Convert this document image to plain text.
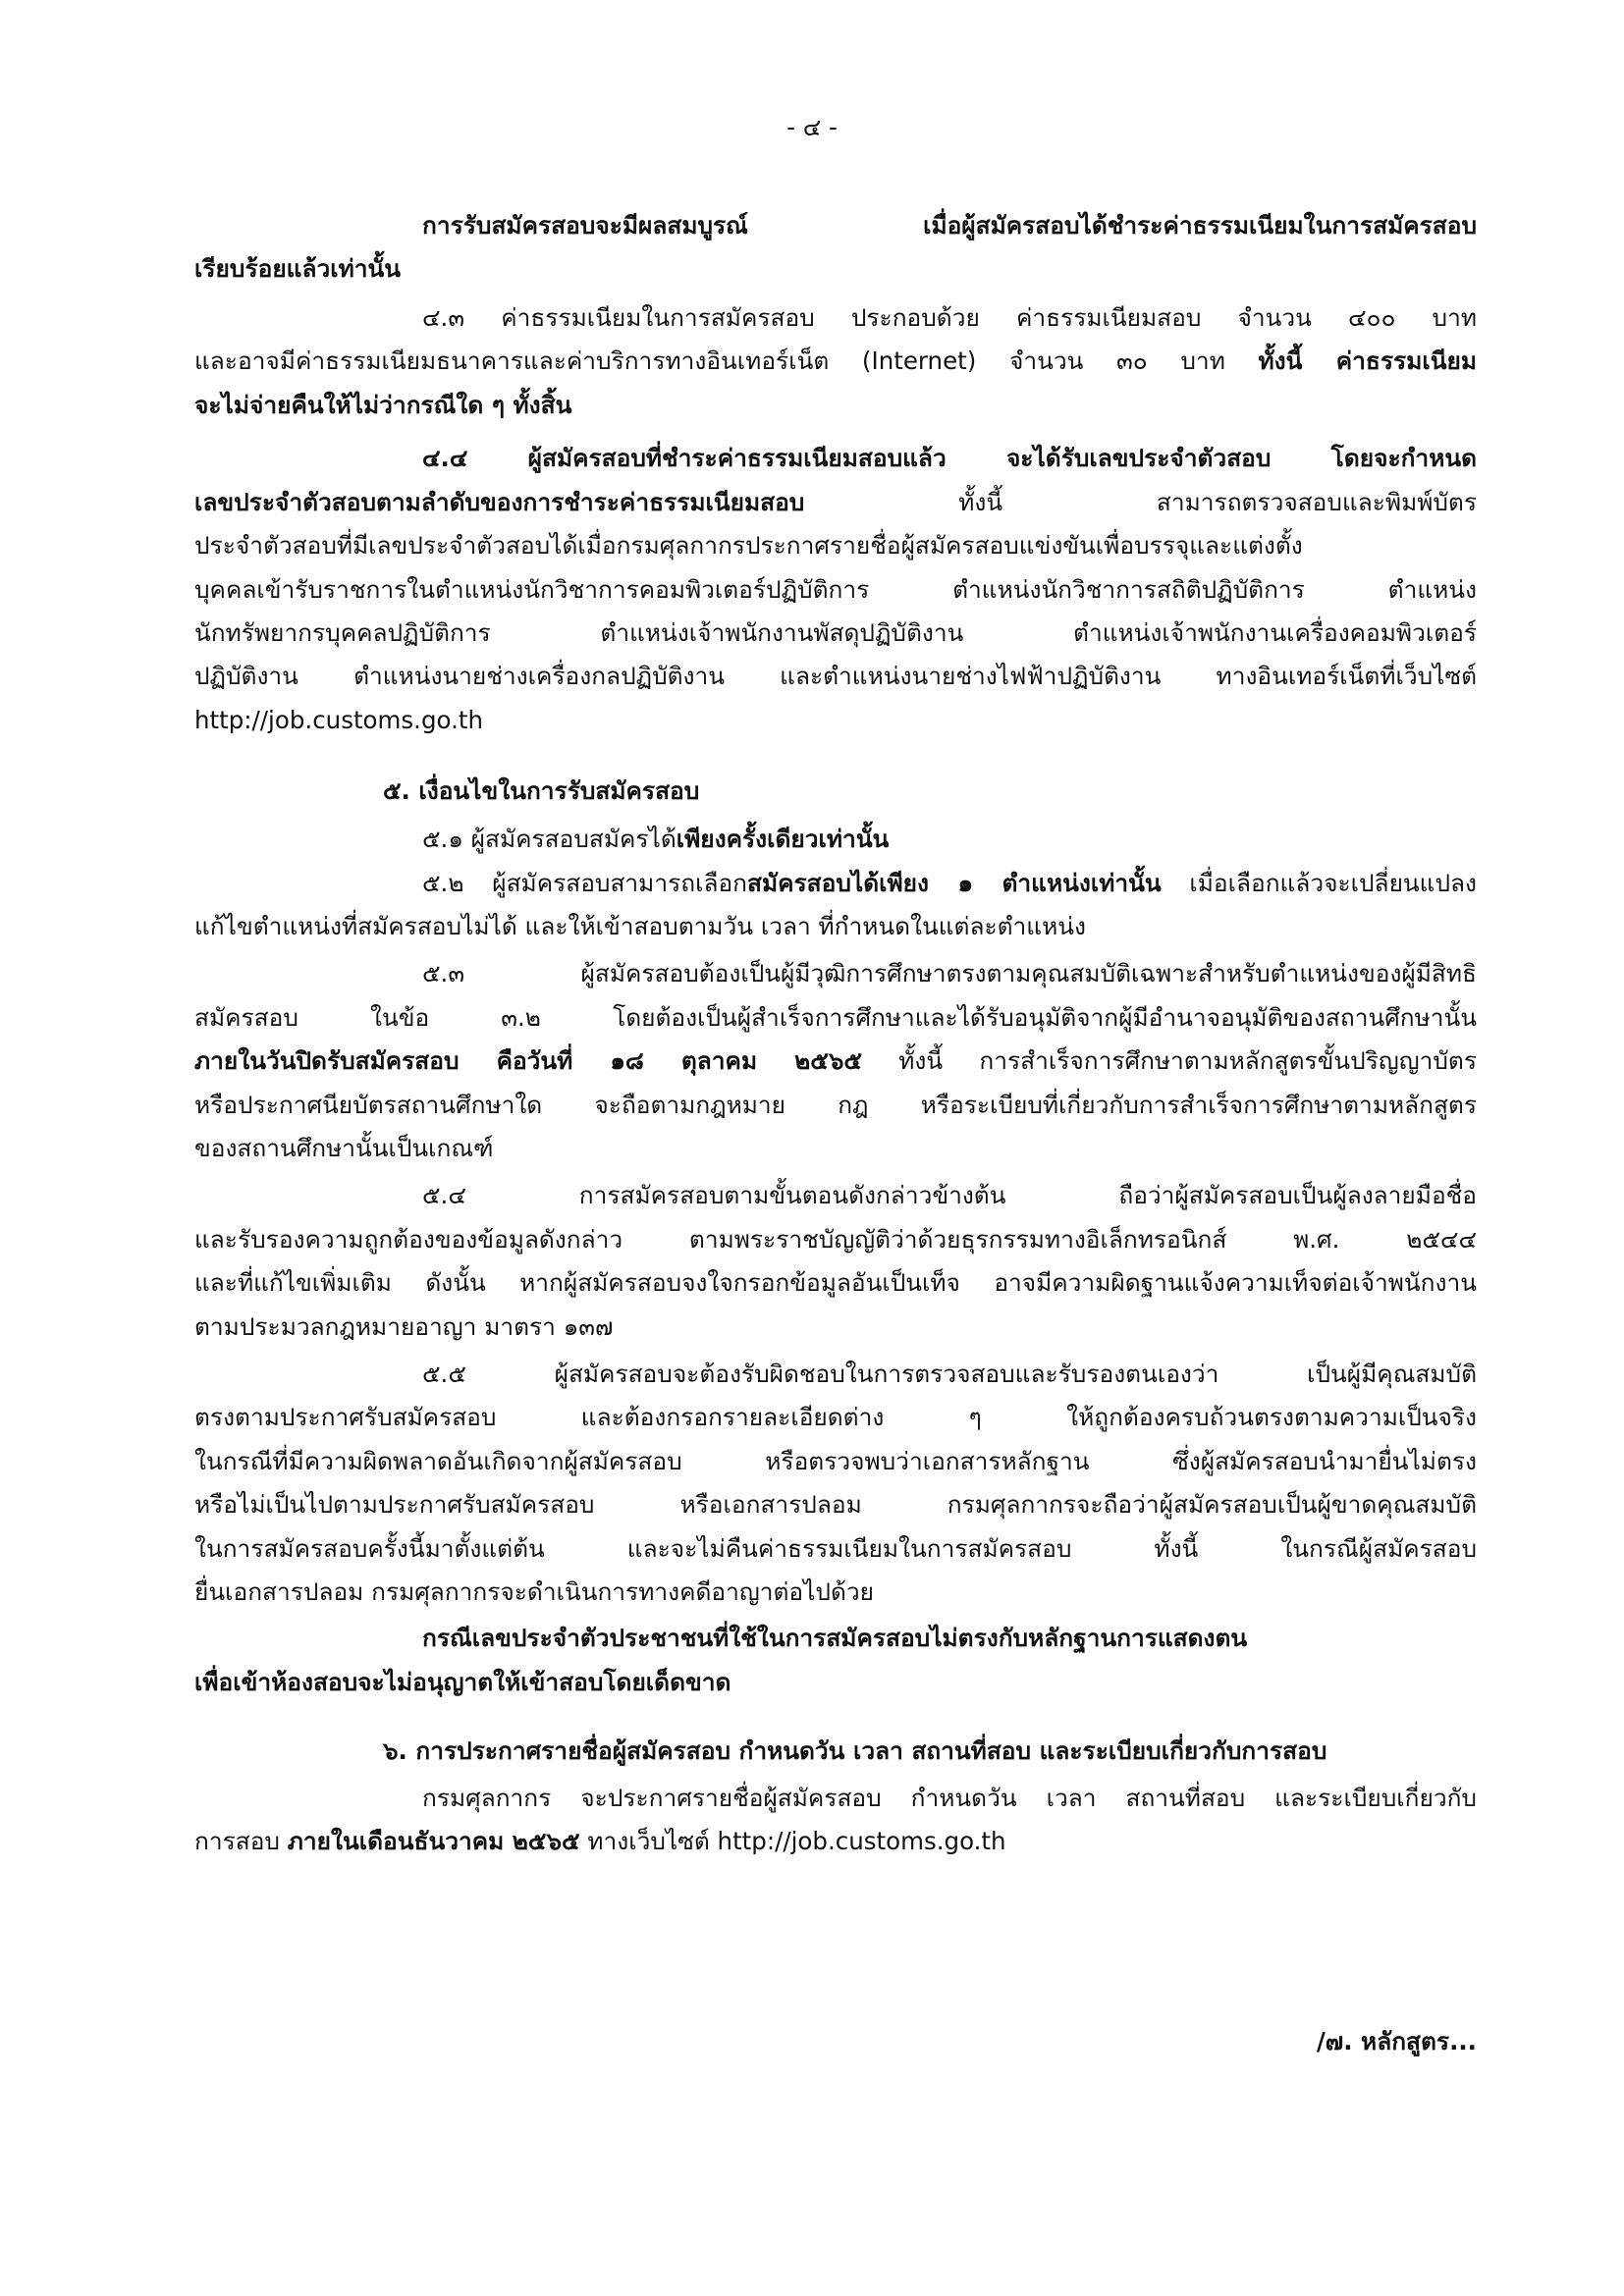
- ๔ -

การรับสมัครสอบจะมีผลสมบูรณ์ เมื่อผู้สมัครสอบได้ชำระค่าธรรมเนียมในการสมัครสอบ

เรียบร้อยแล้วเท่านั้น

๔.๓ ค่าธรรมเนียมในการสมัครสอบ ประกอบด้วย ค่าธรรมเนียมสอบ จำนวน ๔๐๐ บาท

และอาจมีค่าธรรมเนียมธนาคารและค่าบริการทางอินเทอร์เน็ต (Internet) จำนวน ๓๐ บาท ทั้งนี้ ค่าธรรมเนียม

จะไม่จ่ายคืนให้ไม่ว่ากรณีใด ๆ ทั้งสิ้น

๔.๔ ผู้สมัครสอบที่ชำระค่าธรรมเนียมสอบแล้ว จะได้รับเลขประจำตัวสอบ โดยจะกำหนด

เลขประจำตัวสอบตามลำดับของการชำระค่าธรรมเนียมสอบ ทั้งนี้ สามารถตรวจสอบและพิมพ์บัตร

ประจำตัวสอบที่มีเลขประจำตัวสอบได้เมื่อกรมศุลกากรประกาศรายชื่อผู้สมัครสอบแข่งขันเพื่อบรรจุและแต่งตั้ง

บุคคลเข้ารับราชการในตำแหน่งนักวิชาการคอมพิวเตอร์ปฏิบัติการ ตำแหน่งนักวิชาการสถิติปฏิบัติการ ตำแหน่ง

นักทรัพยากรบุคคลปฏิบัติการ ตำแหน่งเจ้าพนักงานพัสดุปฏิบัติงาน ตำแหน่งเจ้าพนักงานเครื่องคอมพิวเตอร์

ปฏิบัติงาน ตำแหน่งนายช่างเครื่องกลปฏิบัติงาน และตำแหน่งนายช่างไฟฟ้าปฏิบัติงาน ทางอินเทอร์เน็ตที่เว็บไซต์

http://job.customs.go.th

๕. เงื่อนไขในการรับสมัครสอบ

๕.๑ ผู้สมัครสอบสมัครได้เพียงครั้งเดียวเท่านั้น

๕.๒ ผู้สมัครสอบสามารถเลือกสมัครสอบได้เพียง ๑ ตำแหน่งเท่านั้น เมื่อเลือกแล้วจะเปลี่ยนแปลง

แก้ไขตำแหน่งที่สมัครสอบไม่ได้ และให้เข้าสอบตามวัน เวลา ที่กำหนดในแต่ละตำแหน่ง

๕.๓ ผู้สมัครสอบต้องเป็นผู้มีวุฒิการศึกษาตรงตามคุณสมบัติเฉพาะสำหรับตำแหน่งของผู้มีสิทธิ

สมัครสอบ ในข้อ ๓.๒ โดยต้องเป็นผู้สำเร็จการศึกษาและได้รับอนุมัติจากผู้มีอำนาจอนุมัติของสถานศึกษานั้น

ภายในวันปิดรับสมัครสอบ คือวันที่ ๑๘ ตุลาคม ๒๕๖๕ ทั้งนี้ การสำเร็จการศึกษาตามหลักสูตรขั้นปริญญาบัตร

หรือประกาศนียบัตรสถานศึกษาใด จะถือตามกฎหมาย กฎ หรือระเบียบที่เกี่ยวกับการสำเร็จการศึกษาตามหลักสูตร

ของสถานศึกษานั้นเป็นเกณฑ์

๕.๔ การสมัครสอบตามขั้นตอนดังกล่าวข้างต้น ถือว่าผู้สมัครสอบเป็นผู้ลงลายมือชื่อ

และรับรองความถูกต้องของข้อมูลดังกล่าว ตามพระราชบัญญัติว่าด้วยธุรกรรมทางอิเล็กทรอนิกส์ พ.ศ. ๒๕๔๔

และที่แก้ไขเพิ่มเติม ดังนั้น หากผู้สมัครสอบจงใจกรอกข้อมูลอันเป็นเท็จ อาจมีความผิดฐานแจ้งความเท็จต่อเจ้าพนักงาน

ตามประมวลกฎหมายอาญา มาตรา ๑๓๗

๕.๕ ผู้สมัครสอบจะต้องรับผิดชอบในการตรวจสอบและรับรองตนเองว่า เป็นผู้มีคุณสมบัติ

ตรงตามประกาศรับสมัครสอบ และต้องกรอกรายละเอียดต่าง ๆ ให้ถูกต้องครบถ้วนตรงตามความเป็นจริง

ในกรณีที่มีความผิดพลาดอันเกิดจากผู้สมัครสอบ หรือตรวจพบว่าเอกสารหลักฐาน ซึ่งผู้สมัครสอบนำมายื่นไม่ตรง

หรือไม่เป็นไปตามประกาศรับสมัครสอบ หรือเอกสารปลอม กรมศุลกากรจะถือว่าผู้สมัครสอบเป็นผู้ขาดคุณสมบัติ

ในการสมัครสอบครั้งนี้มาตั้งแต่ต้น และจะไม่คืนค่าธรรมเนียมในการสมัครสอบ ทั้งนี้ ในกรณีผู้สมัครสอบ

ยื่นเอกสารปลอม กรมศุลกากรจะดำเนินการทางคดีอาญาต่อไปด้วย

กรณีเลขประจำตัวประชาชนที่ใช้ในการสมัครสอบไม่ตรงกับหลักฐานการแสดงตน

เพื่อเข้าห้องสอบจะไม่อนุญาตให้เข้าสอบโดยเด็ดขาด

๖. การประกาศรายชื่อผู้สมัครสอบ กำหนดวัน เวลา สถานที่สอบ และระเบียบเกี่ยวกับการสอบ

กรมศุลกากร จะประกาศรายชื่อผู้สมัครสอบ กำหนดวัน เวลา สถานที่สอบ และระเบียบเกี่ยวกับ

การสอบ ภายในเดือนธันวาคม ๒๕๖๕ ทางเว็บไซต์ http://job.customs.go.th

/๗. หลักสูตร...
